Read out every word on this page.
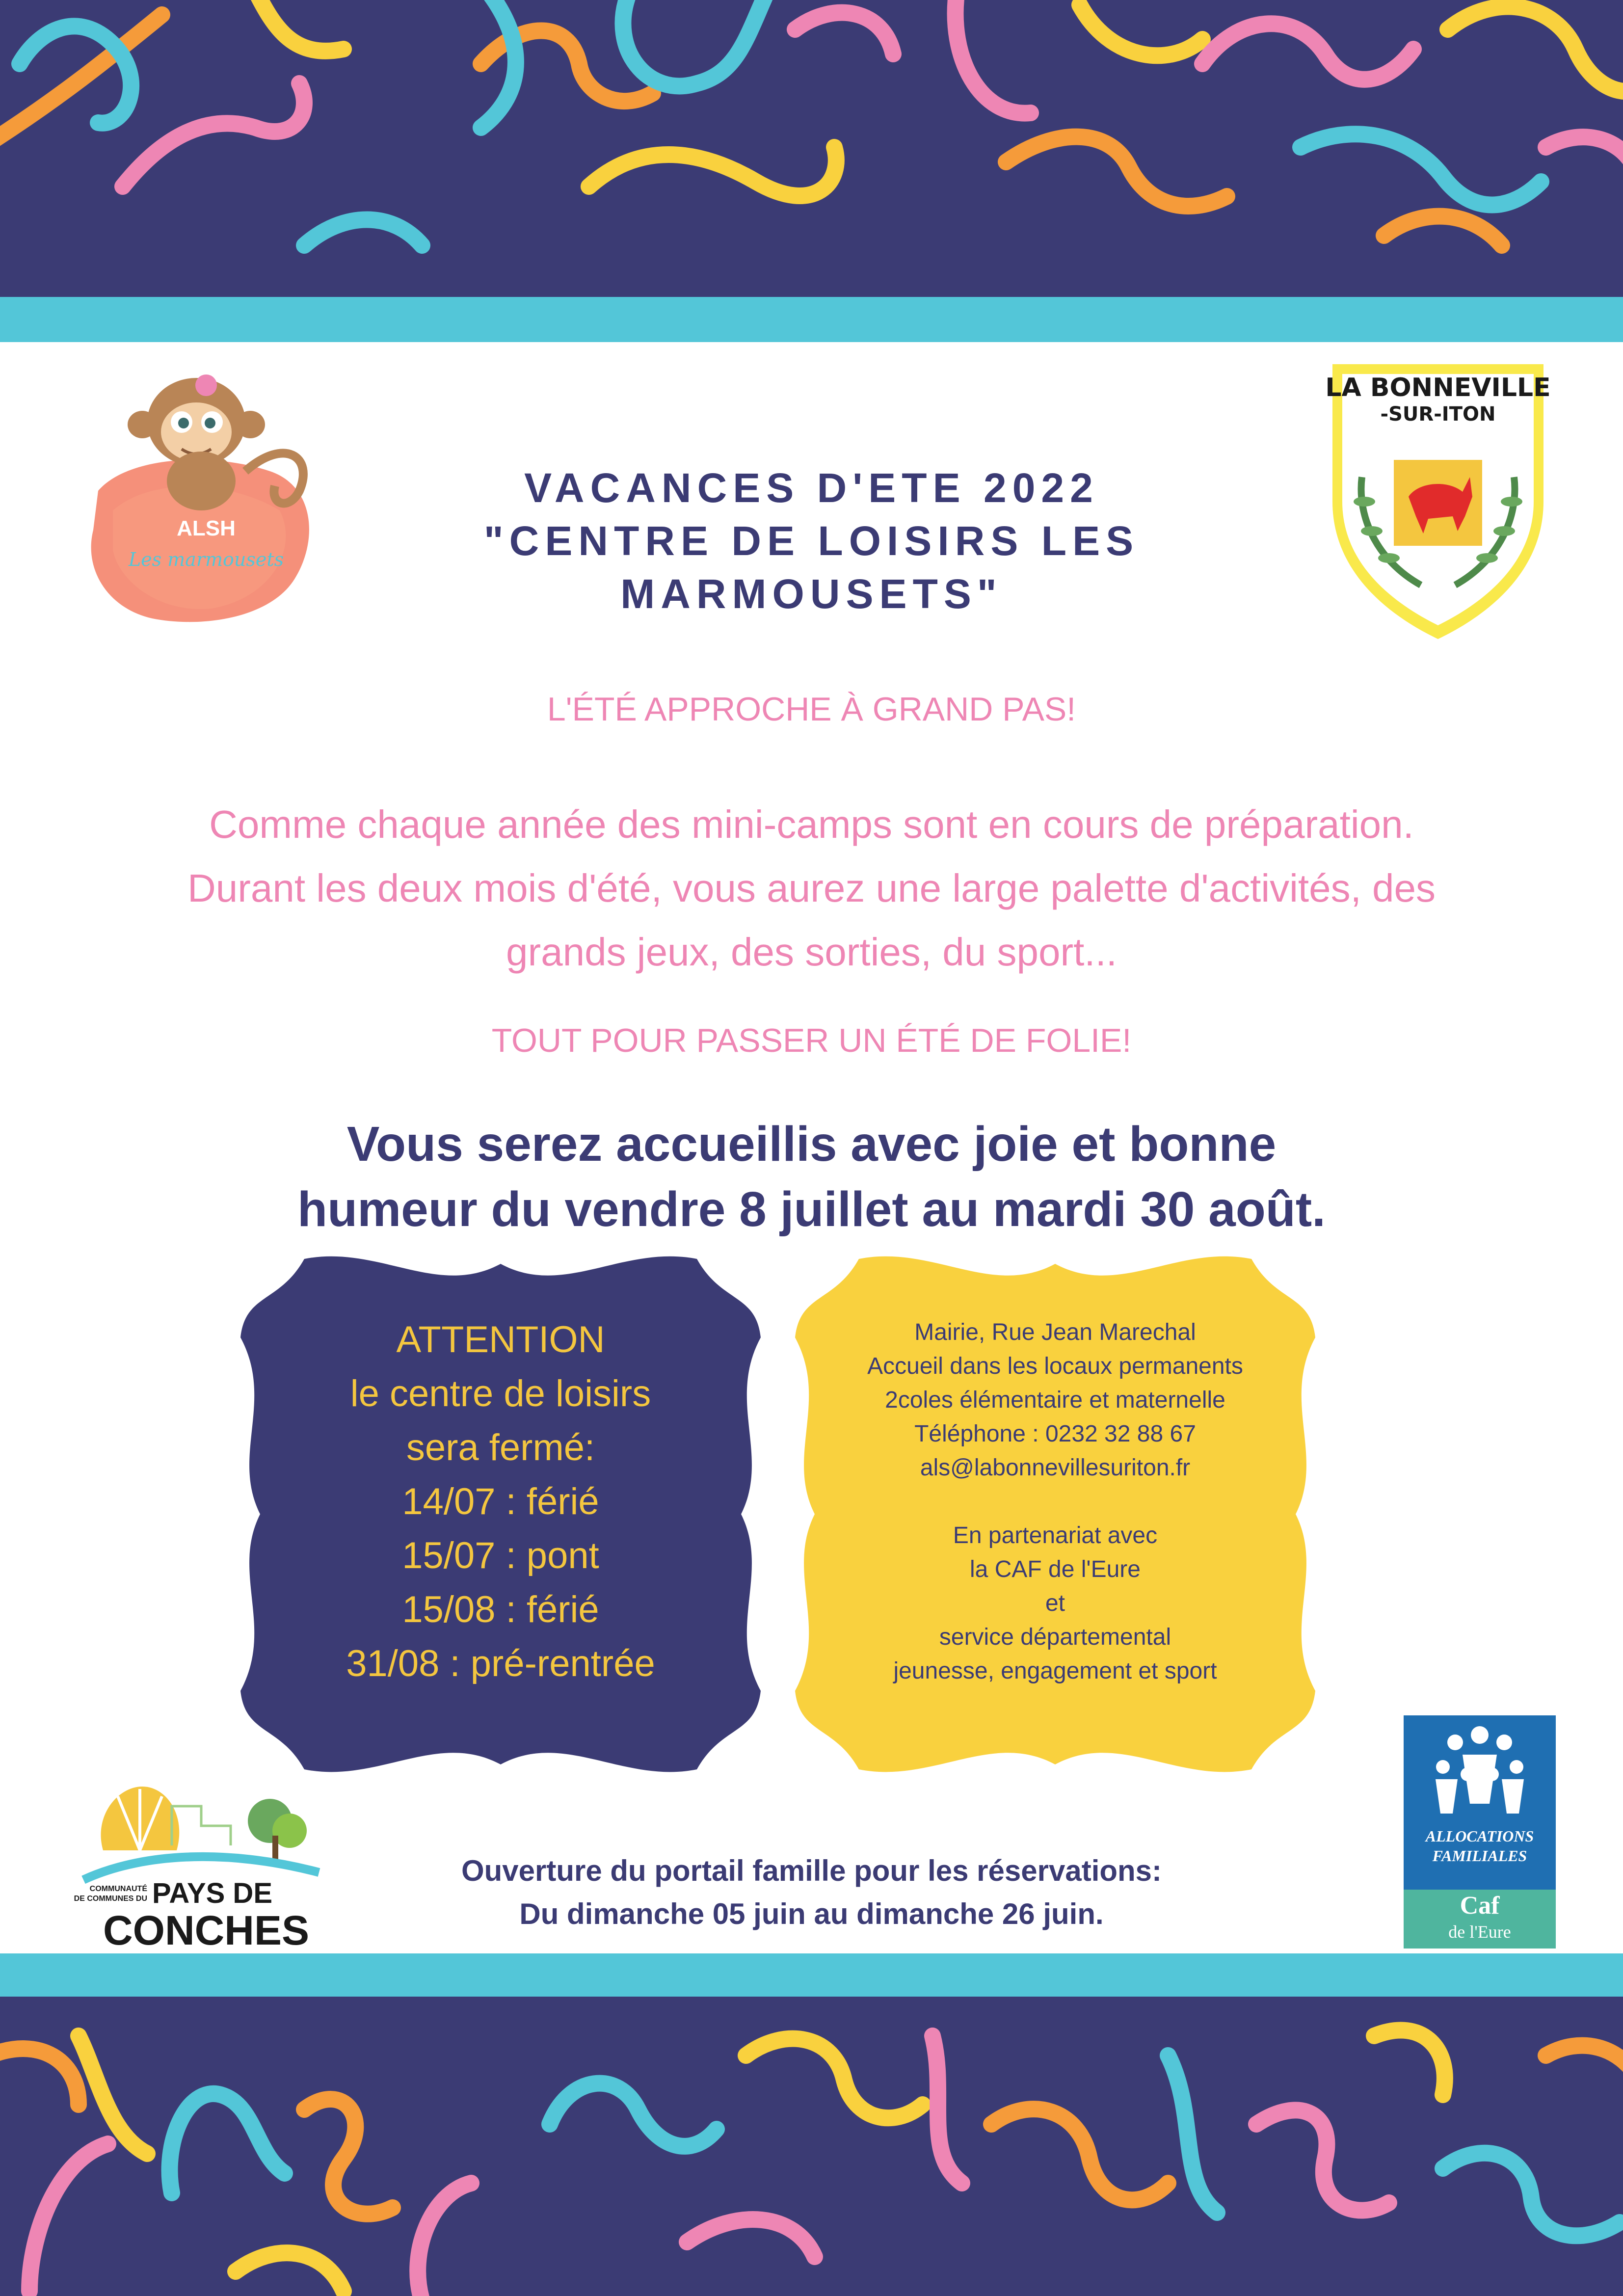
ALSH
Les marmousets
LA BONNEVILLE
-SUR-ITON
VACANCES D'ETE 2022
"CENTRE DE LOISIRS LES
MARMOUSETS"
L'ÉTÉ APPROCHE À GRAND PAS!
Comme chaque année des mini-camps sont en cours de préparation.
Durant les deux mois d'été, vous aurez une large palette d'activités, des
grands jeux, des sorties, du sport...
TOUT POUR PASSER UN ÉTÉ DE FOLIE!
Vous serez accueillis avec joie et bonne
humeur du vendre 8 juillet au mardi 30 août.
ATTENTION
le centre de loisirs
sera fermé:
14/07 : férié
15/07 : pont
15/08 : férié
31/08 : pré-rentrée
Mairie, Rue Jean Marechal
Accueil dans les locaux permanents
2coles élémentaire et maternelle
Téléphone : 0232 32 88 67
als@labonnevillesuriton.fr
En partenariat avec
la CAF de l'Eure
et
service départemental
jeunesse, engagement et sport
COMMUNAUTÉ
DE COMMUNES DU PAYS DE
CONCHES
Ouverture du portail famille pour les réservations:
Du dimanche 05 juin au dimanche 26 juin.
ALLOCATIONS
FAMILIALES
Caf
de l'Eure
